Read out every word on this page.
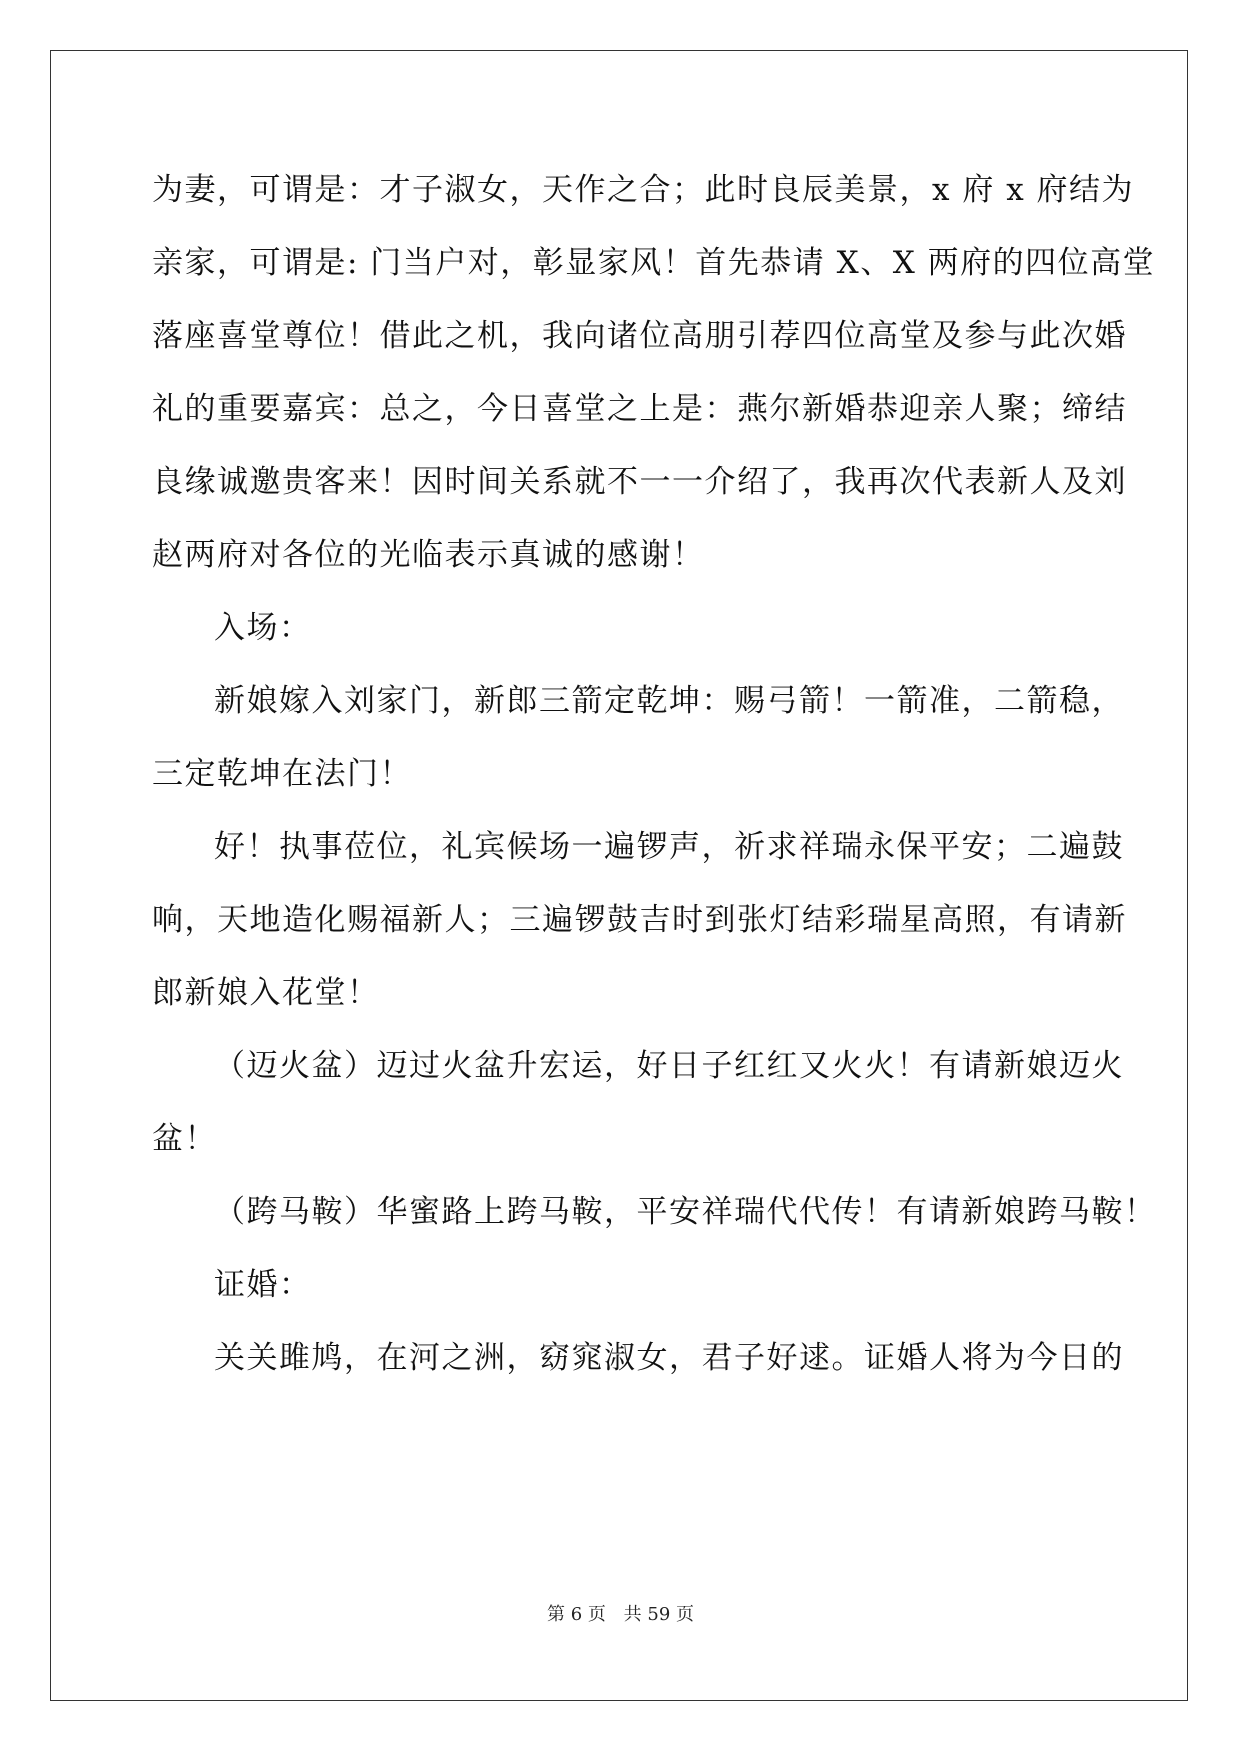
为妻，可谓是：才子淑女，天作之合；此时良辰美景，x 府 x 府结为
亲家，可谓是: 门当户对，彰显家风！首先恭请 X、X 两府的四位高堂
落座喜堂尊位！借此之机，我向诸位高朋引荐四位高堂及参与此次婚
礼的重要嘉宾：总之，今日喜堂之上是：燕尔新婚恭迎亲人聚；缔结
良缘诚邀贵客来！因时间关系就不一一介绍了，我再次代表新人及刘
赵两府对各位的光临表示真诚的感谢！
入场：
新娘嫁入刘家门，新郎三箭定乾坤：赐弓箭！一箭准，二箭稳，
三定乾坤在法门！
好！执事莅位，礼宾候场一遍锣声，祈求祥瑞永保平安；二遍鼓
响，天地造化赐福新人；三遍锣鼓吉时到张灯结彩瑞星高照，有请新
郎新娘入花堂！
（迈火盆）迈过火盆升宏运，好日子红红又火火！有请新娘迈火
盆！
（跨马鞍）华蜜路上跨马鞍，平安祥瑞代代传！有请新娘跨马鞍！
证婚：
关关雎鸠，在河之洲，窈窕淑女，君子好逑。证婚人将为今日的
第 6 页 共 59 页
